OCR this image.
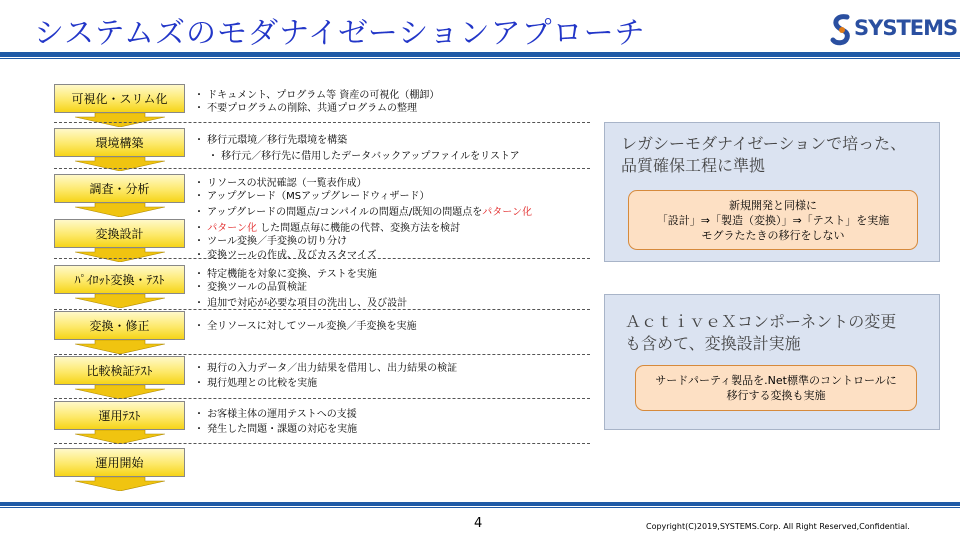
システムズのモダナイゼーションアプローチ	SYSTEMS
可視化・スリム化
環境構築
調査・分析
変換設計
ﾊﾟｲﾛｯﾄ変換・ﾃｽﾄ
変換・修正
比較検証ﾃｽﾄ
運用ﾃｽﾄ
運用開始
・ ドキュメント、プログラム等 資産の可視化（棚卸）
・ 不要プログラムの削除、共通プログラムの整理
・ 移行元環境／移行先環境を構築
・ 移行元／移行先に借用したデータバックアップファイルをリストア
・ リソースの状況確認（一覧表作成）
・ アップグレード（MSアップグレードウィザード）
・ アップグレードの問題点/コンパイルの問題点/既知の問題点をパターン化
・ パターン化 した問題点毎に機能の代替、変換方法を検討
・ ツール変換／手変換の切り分け
・ 変換ツールの作成、及びカスタマイズ
・ 特定機能を対象に変換、テストを実施
・ 変換ツールの品質検証
・ 追加で対応が必要な項目の洗出し、及び設計
・ 全リソースに対してツール変換／手変換を実施
・ 現行の入力データ／出力結果を借用し、出力結果の検証
・ 現行処理との比較を実施
・ お客様主体の運用テストへの支援
・ 発生した問題・課題の対応を実施
レガシーモダナイゼーションで培った、
品質確保工程に準拠
新規開発と同様に
「設計」⇒「製造（変換）」⇒「テスト」を実施
モグラたたきの移行をしない
ＡｃｔｉｖｅＸコンポーネントの変更
も含めて、変換設計実施
サードパーティ製品を.Net標準のコントロールに
移行する変換も実施
4	Copyright(C)2019,SYSTEMS.Corp. All Right Reserved,Confidential.
